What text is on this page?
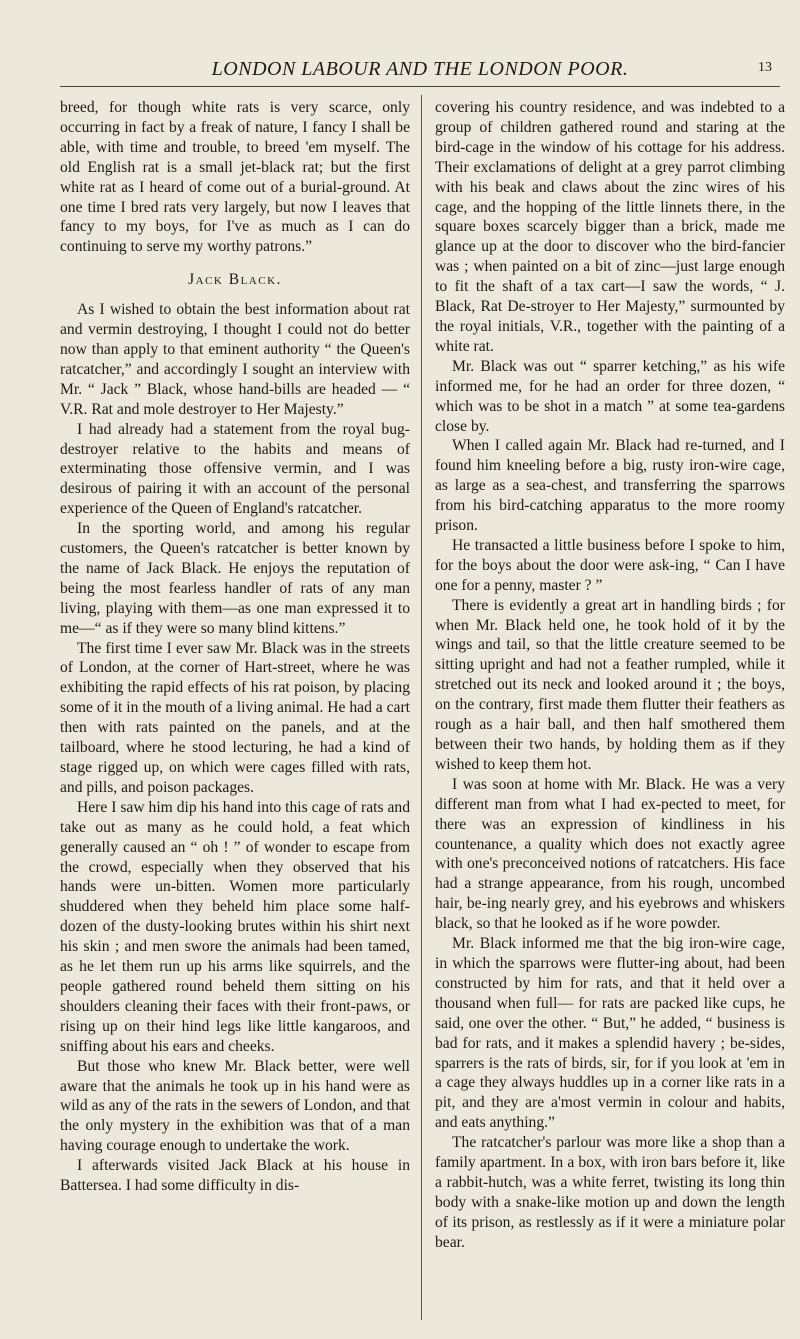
LONDON LABOUR AND THE LONDON POOR.	13

breed, for though white rats is very scarce, only occurring in fact by a freak of nature, I fancy I shall be able, with time and trouble, to breed 'em myself. The old English rat is a small jet-black rat; but the first white rat as I heard of come out of a burial-ground. At one time I bred rats very largely, but now I leaves that fancy to my boys, for I've as much as I can do continuing to serve my worthy patrons.”

Jack Black.

As I wished to obtain the best information about rat and vermin destroying, I thought I could not do better now than apply to that eminent authority “ the Queen's ratcatcher,” and accordingly I sought an interview with Mr. “ Jack ” Black, whose hand-bills are headed — “ V.R. Rat and mole destroyer to Her Majesty.”

I had already had a statement from the royal bug-destroyer relative to the habits and means of exterminating those offensive vermin, and I was desirous of pairing it with an account of the personal experience of the Queen of England's ratcatcher.

In the sporting world, and among his regular customers, the Queen's ratcatcher is better known by the name of Jack Black. He enjoys the reputation of being the most fearless handler of rats of any man living, playing with them—as one man expressed it to me—“ as if they were so many blind kittens.”

The first time I ever saw Mr. Black was in the streets of London, at the corner of Hart-street, where he was exhibiting the rapid effects of his rat poison, by placing some of it in the mouth of a living animal. He had a cart then with rats painted on the panels, and at the tailboard, where he stood lecturing, he had a kind of stage rigged up, on which were cages filled with rats, and pills, and poison packages.

Here I saw him dip his hand into this cage of rats and take out as many as he could hold, a feat which generally caused an “ oh ! ” of wonder to escape from the crowd, especially when they observed that his hands were un-bitten. Women more particularly shuddered when they beheld him place some half-dozen of the dusty-looking brutes within his shirt next his skin ; and men swore the animals had been tamed, as he let them run up his arms like squirrels, and the people gathered round beheld them sitting on his shoulders cleaning their faces with their front-paws, or rising up on their hind legs like little kangaroos, and sniffing about his ears and cheeks.

But those who knew Mr. Black better, were well aware that the animals he took up in his hand were as wild as any of the rats in the sewers of London, and that the only mystery in the exhibition was that of a man having courage enough to undertake the work.

I afterwards visited Jack Black at his house in Battersea. I had some difficulty in dis-

covering his country residence, and was indebted to a group of children gathered round and staring at the bird-cage in the window of his cottage for his address. Their exclamations of delight at a grey parrot climbing with his beak and claws about the zinc wires of his cage, and the hopping of the little linnets there, in the square boxes scarcely bigger than a brick, made me glance up at the door to discover who the bird-fancier was ; when painted on a bit of zinc—just large enough to fit the shaft of a tax cart—I saw the words, “ J. Black, Rat De-stroyer to Her Majesty,” surmounted by the royal initials, V.R., together with the painting of a white rat.

Mr. Black was out “ sparrer ketching,” as his wife informed me, for he had an order for three dozen, “ which was to be shot in a match ” at some tea-gardens close by.

When I called again Mr. Black had re-turned, and I found him kneeling before a big, rusty iron-wire cage, as large as a sea-chest, and transferring the sparrows from his bird-catching apparatus to the more roomy prison.

He transacted a little business before I spoke to him, for the boys about the door were ask-ing, “ Can I have one for a penny, master ? ”

There is evidently a great art in handling birds ; for when Mr. Black held one, he took hold of it by the wings and tail, so that the little creature seemed to be sitting upright and had not a feather rumpled, while it stretched out its neck and looked around it ; the boys, on the contrary, first made them flutter their feathers as rough as a hair ball, and then half smothered them between their two hands, by holding them as if they wished to keep them hot.

I was soon at home with Mr. Black. He was a very different man from what I had ex-pected to meet, for there was an expression of kindliness in his countenance, a quality which does not exactly agree with one's preconceived notions of ratcatchers. His face had a strange appearance, from his rough, uncombed hair, be-ing nearly grey, and his eyebrows and whiskers black, so that he looked as if he wore powder.

Mr. Black informed me that the big iron-wire cage, in which the sparrows were flutter-ing about, had been constructed by him for rats, and that it held over a thousand when full— for rats are packed like cups, he said, one over the other. “ But,” he added, “ business is bad for rats, and it makes a splendid havery ; be-sides, sparrers is the rats of birds, sir, for if you look at 'em in a cage they always huddles up in a corner like rats in a pit, and they are a'most vermin in colour and habits, and eats anything.”

The ratcatcher's parlour was more like a shop than a family apartment. In a box, with iron bars before it, like a rabbit-hutch, was a white ferret, twisting its long thin body with a snake-like motion up and down the length of its prison, as restlessly as if it were a miniature polar bear.
